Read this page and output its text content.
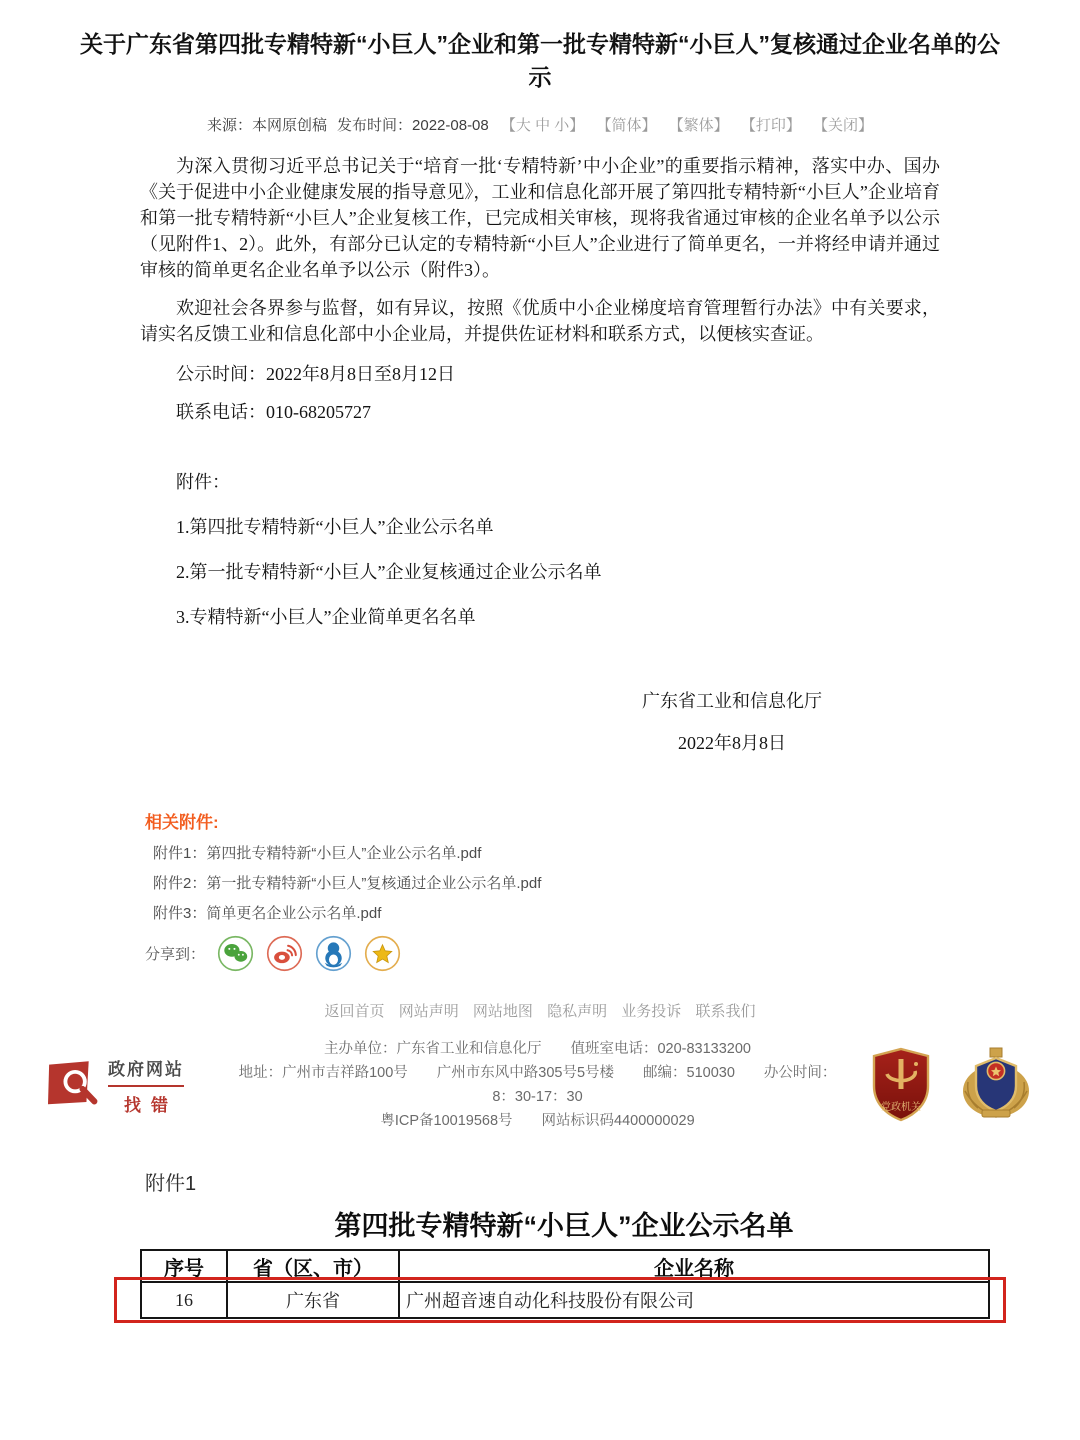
关于广东省第四批专精特新“小巨人”企业和第一批专精特新“小巨人”复核通过企业名单的公示
来源：本网原创稿 发布时间：2022-08-08 【大 中 小】 【简体】 【繁体】 【打印】 【关闭】

为深入贯彻习近平总书记关于“培育一批‘专精特新’中小企业”的重要指示精神，落实中办、国办《关于促进中小企业健康发展的指导意见》，工业和信息化部开展了第四批专精特新“小巨人”企业培育和第一批专精特新“小巨人”企业复核工作，已完成相关审核，现将我省通过审核的企业名单予以公示（见附件1、2）。此外，有部分已认定的专精特新“小巨人”企业进行了简单更名，一并将经申请并通过审核的简单更名企业名单予以公示（附件3）。

欢迎社会各界参与监督，如有异议，按照《优质中小企业梯度培育管理暂行办法》中有关要求，请实名反馈工业和信息化部中小企业局，并提供佐证材料和联系方式，以便核实查证。

公示时间：2022年8月8日至8月12日

联系电话：010-68205727

附件：

1.第四批专精特新“小巨人”企业公示名单

2.第一批专精特新“小巨人”企业复核通过企业公示名单

3.专精特新“小巨人”企业简单更名名单

广东省工业和信息化厅
2022年8月8日
相关附件:
附件1：第四批专精特新“小巨人”企业公示名单.pdf
附件2：第一批专精特新“小巨人”复核通过企业公示名单.pdf
附件3：简单更名企业公示名单.pdf
分享到：
返回首页 网站声明 网站地图 隐私声明 业务投诉 联系我们
政府网站
找错
主办单位：广东省工业和信息化厅　　值班室电话：020-83133200
地址：广州市吉祥路100号　　广州市东风中路305号5号楼　　邮编：510030　　办公时间：8：30-17：30
粤ICP备10019568号　　网站标识码4400000029
党政机关
附件1
第四批专精特新“小巨人”企业公示名单
序号	省（区、市）	企业名称
16	广东省	广州超音速自动化科技股份有限公司
